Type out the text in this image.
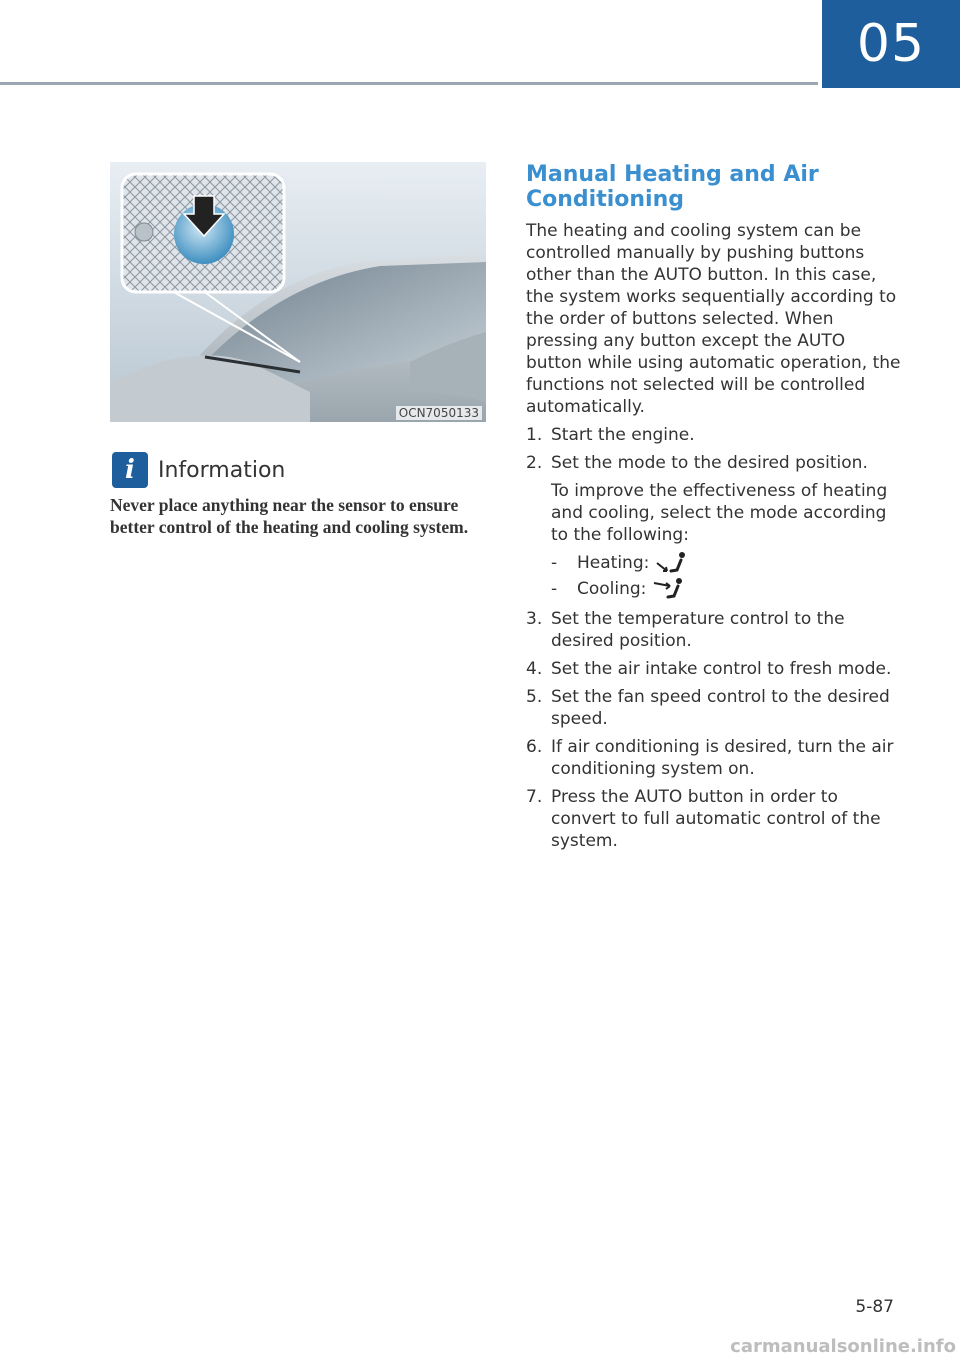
05
OCN7050133
i	Information

Never place anything near the sensor to ensure better control of the heating and cooling system.

Manual Heating and Air Conditioning

The heating and cooling system can be controlled manually by pushing buttons other than the AUTO button. In this case, the system works sequentially according to the order of buttons selected. When pressing any button except the AUTO button while using automatic operation, the functions not selected will be controlled automatically.

1. Start the engine.
2. Set the mode to the desired position.

To improve the effectiveness of heating and cooling, select the mode according to the following:

-	Heating:
-	Cooling:
3. Set the temperature control to the desired position.
4. Set the air intake control to fresh mode.
5. Set the fan speed control to the desired speed.
6. If air conditioning is desired, turn the air conditioning system on.
7. Press the AUTO button in order to convert to full automatic control of the system.
5-87
carmanualsonline.info
